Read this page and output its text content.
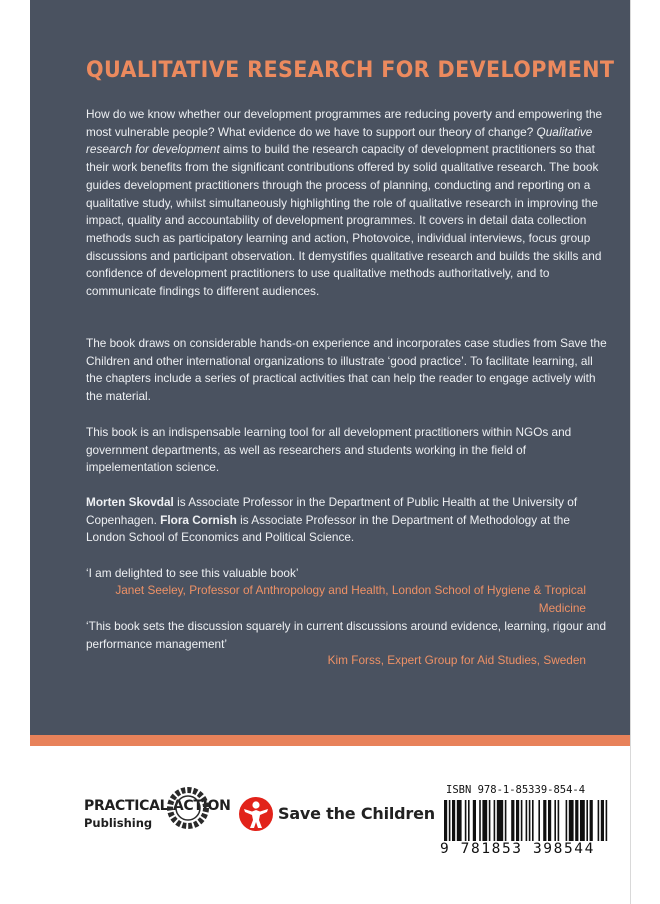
QUALITATIVE RESEARCH FOR DEVELOPMENT

How do we know whether our development programmes are reducing poverty and empowering the most vulnerable people? What evidence do we have to support our theory of change? Qualitative research for development aims to build the research capacity of development practitioners so that their work benefits from the significant contributions offered by solid qualitative research. The book guides development practitioners through the process of planning, conducting and reporting on a qualitative study, whilst simultaneously highlighting the role of qualitative research in improving the impact, quality and accountability of development programmes. It covers in detail data collection methods such as participatory learning and action, Photovoice, individual interviews, focus group discussions and participant observation. It demystifies qualitative research and builds the skills and confidence of development practitioners to use qualitative methods authoritatively, and to communicate findings to different audiences.

The book draws on considerable hands-on experience and incorporates case studies from Save the Children and other international organizations to illustrate ‘good practice’. To facilitate learning, all the chapters include a series of practical activities that can help the reader to engage actively with the material.

This book is an indispensable learning tool for all development practitioners within NGOs and government departments, as well as researchers and students working in the field of impelementation science.

Morten Skovdal is Associate Professor in the Department of Public Health at the University of Copenhagen. Flora Cornish is Associate Professor in the Department of Methodology at the London School of Economics and Political Science.

‘I am delighted to see this valuable book’

Janet Seeley, Professor of Anthropology and Health, London School of Hygiene & Tropical Medicine

‘This book sets the discussion squarely in current discussions around evidence, learning, rigour and performance management’

Kim Forss, Expert Group for Aid Studies, Sweden

PRACTICAL ACTION
Publishing	Save the Children
ISBN 978-1-85339-854-4
9 781853 398544
